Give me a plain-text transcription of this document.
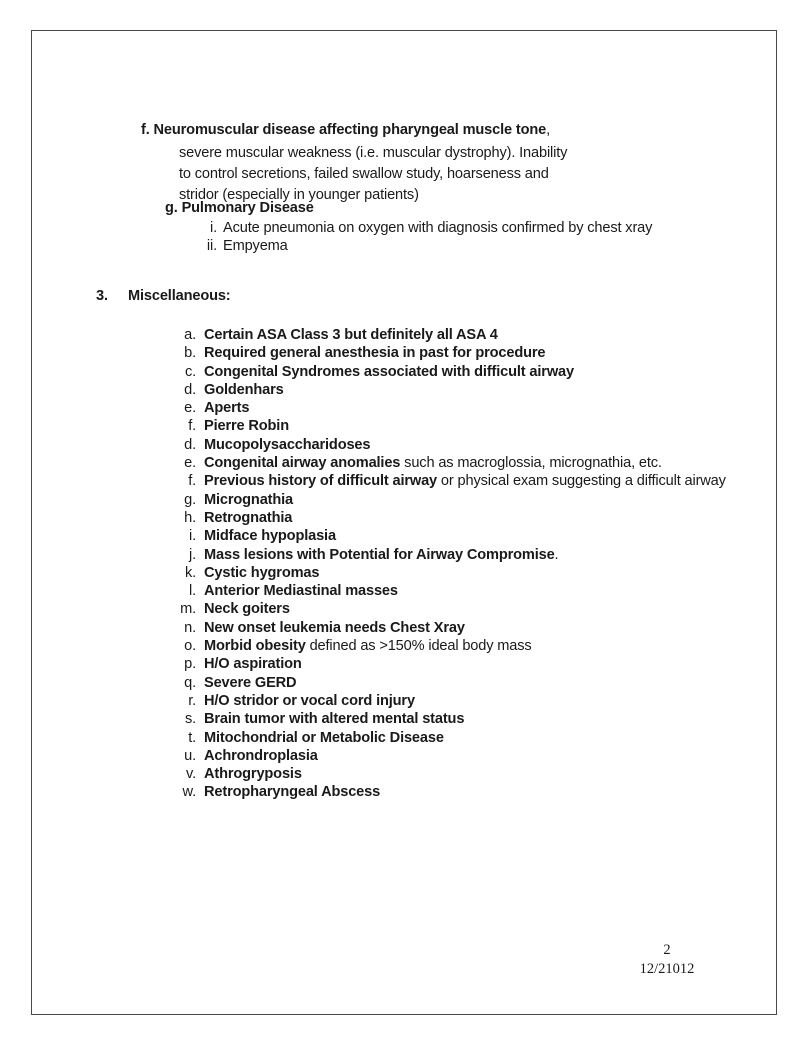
f. Neuromuscular disease affecting pharyngeal muscle tone,
severe muscular weakness (i.e. muscular dystrophy). Inability
to control secretions, failed swallow study, hoarseness and
stridor (especially in younger patients)
g. Pulmonary Disease
i. Acute pneumonia on oxygen with diagnosis confirmed by chest xray
ii. Empyema
3. Miscellaneous:
a. Certain ASA Class 3 but definitely all ASA 4
b. Required general anesthesia in past for procedure
c. Congenital Syndromes associated with difficult airway
d. Goldenhars
e. Aperts
f. Pierre Robin
d. Mucopolysaccharidoses
e. Congenital airway anomalies such as macroglossia, micrognathia, etc.
f. Previous history of difficult airway or physical exam suggesting a difficult airway
g. Micrognathia
h. Retrognathia
i. Midface hypoplasia
j. Mass lesions with Potential for Airway Compromise.
k. Cystic hygromas
l. Anterior Mediastinal masses
m. Neck goiters
n. New onset leukemia needs Chest Xray
o. Morbid obesity defined as >150% ideal body mass
p. H/O aspiration
q. Severe GERD
r. H/O stridor or vocal cord injury
s. Brain tumor with altered mental status
t. Mitochondrial or Metabolic Disease
u. Achrondroplasia
v. Athrogryposis
w. Retropharyngeal Abscess
2
12/21012
